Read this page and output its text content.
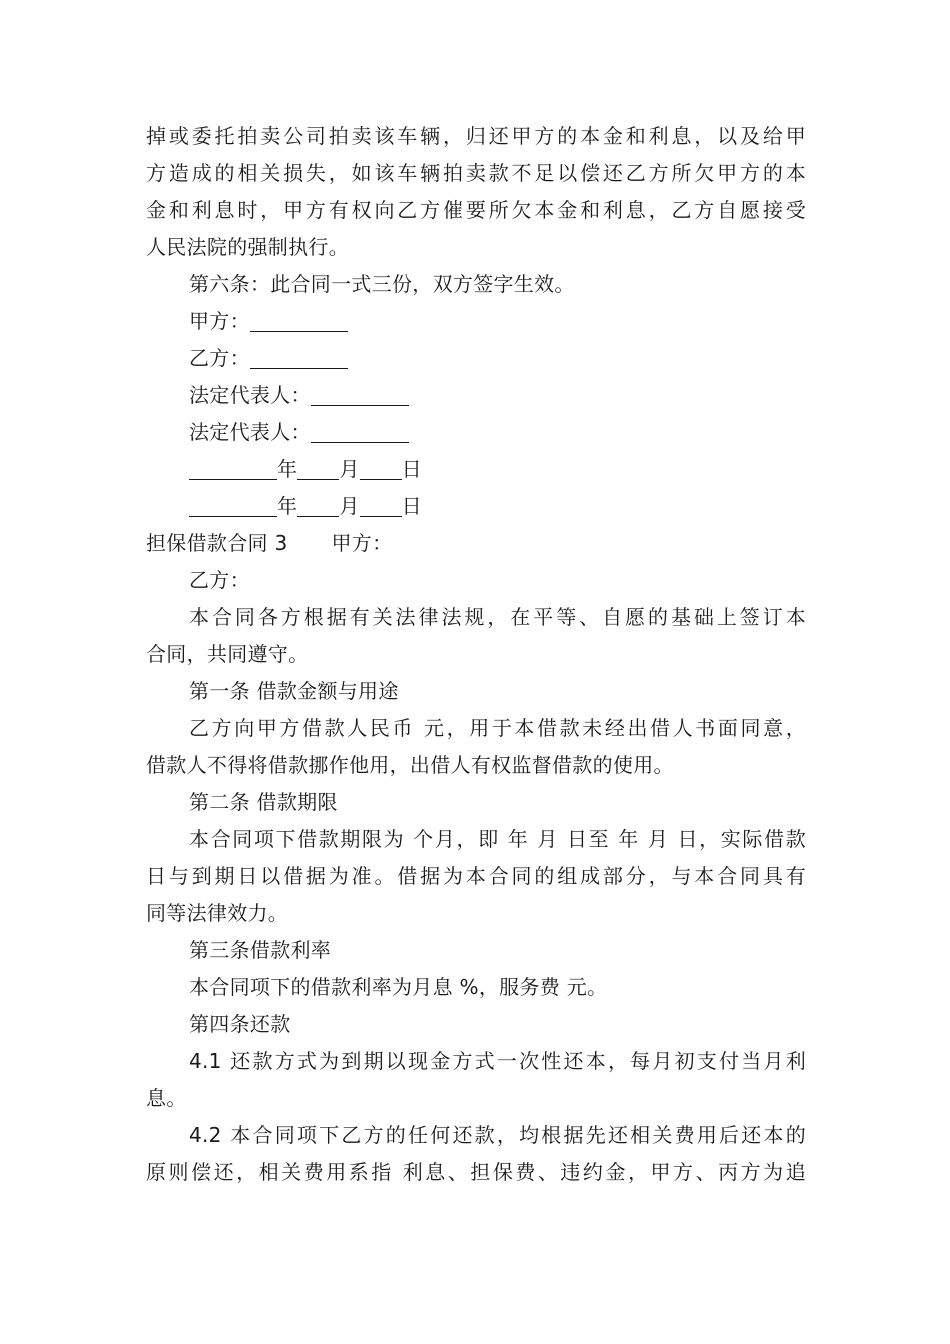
掉或委托拍卖公司拍卖该车辆，归还甲方的本金和利息，以及给甲
方造成的相关损失，如该车辆拍卖款不足以偿还乙方所欠甲方的本
金和利息时，甲方有权向乙方催要所欠本金和利息，乙方自愿接受
人民法院的强制执行。
第六条：此合同一式三份，双方签字生效。
甲方：
乙方：
法定代表人：
法定代表人：
年 月 日
年 月 日
担保借款合同 3 甲方：
乙方：
本合同各方根据有关法律法规，在平等、自愿的基础上签订本
合同，共同遵守。
第一条 借款金额与用途
乙方向甲方借款人民币 元，用于本借款未经出借人书面同意，
借款人不得将借款挪作他用，出借人有权监督借款的使用。
第二条 借款期限
本合同项下借款期限为 个月，即 年 月 日至 年 月 日，实际借款
日与到期日以借据为准。借据为本合同的组成部分，与本合同具有
同等法律效力。
第三条借款利率
本合同项下的借款利率为月息 %，服务费 元。
第四条还款
4.1 还款方式为到期以现金方式一次性还本，每月初支付当月利
息。
4.2 本合同项下乙方的任何还款，均根据先还相关费用后还本的
原则偿还，相关费用系指 利息、担保费、违约金，甲方、丙方为追
